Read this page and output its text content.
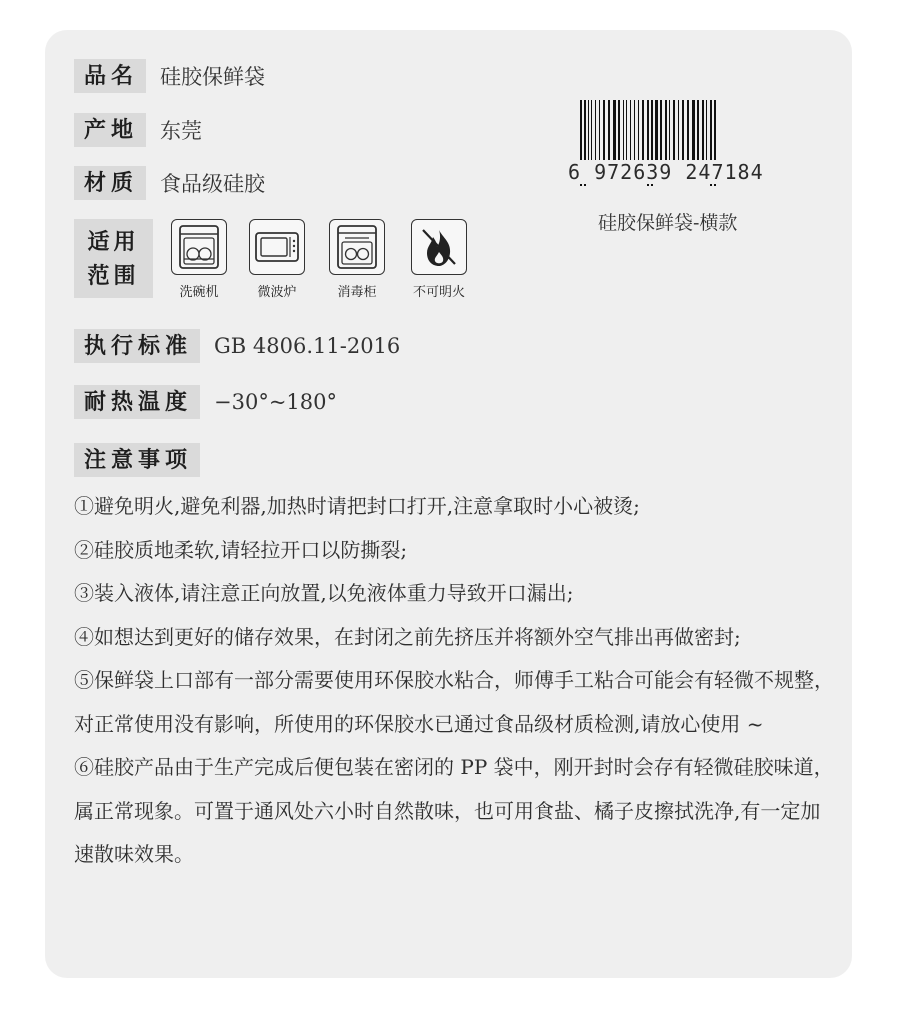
品名	硅胶保鲜袋
产地	东莞
材质	食品级硅胶
适用
范围
洗碗机	微波炉	消毒柜	不可明火
执行标准	GB 4806.11-2016
耐热温度	−30°~180°
注意事项

①避免明火,避免利器,加热时请把封口打开,注意拿取时小心被烫;

②硅胶质地柔软,请轻拉开口以防撕裂;

③装入液体,请注意正向放置,以免液体重力导致开口漏出;

④如想达到更好的储存效果，在封闭之前先挤压并将额外空气排出再做密封;

⑤保鲜袋上口部有一部分需要使用环保胶水粘合，师傅手工粘合可能会有轻微不规整，对正常使用没有影响，所使用的环保胶水已通过食品级材质检测,请放心使用 ~

⑥硅胶产品由于生产完成后便包装在密闭的 PP 袋中，刚开封时会存有轻微硅胶味道，属正常现象。可置于通风处六小时自然散味，也可用食盐、橘子皮擦拭洗净,有一定加速散味效果。

6 972639 247184
硅胶保鲜袋-横款
